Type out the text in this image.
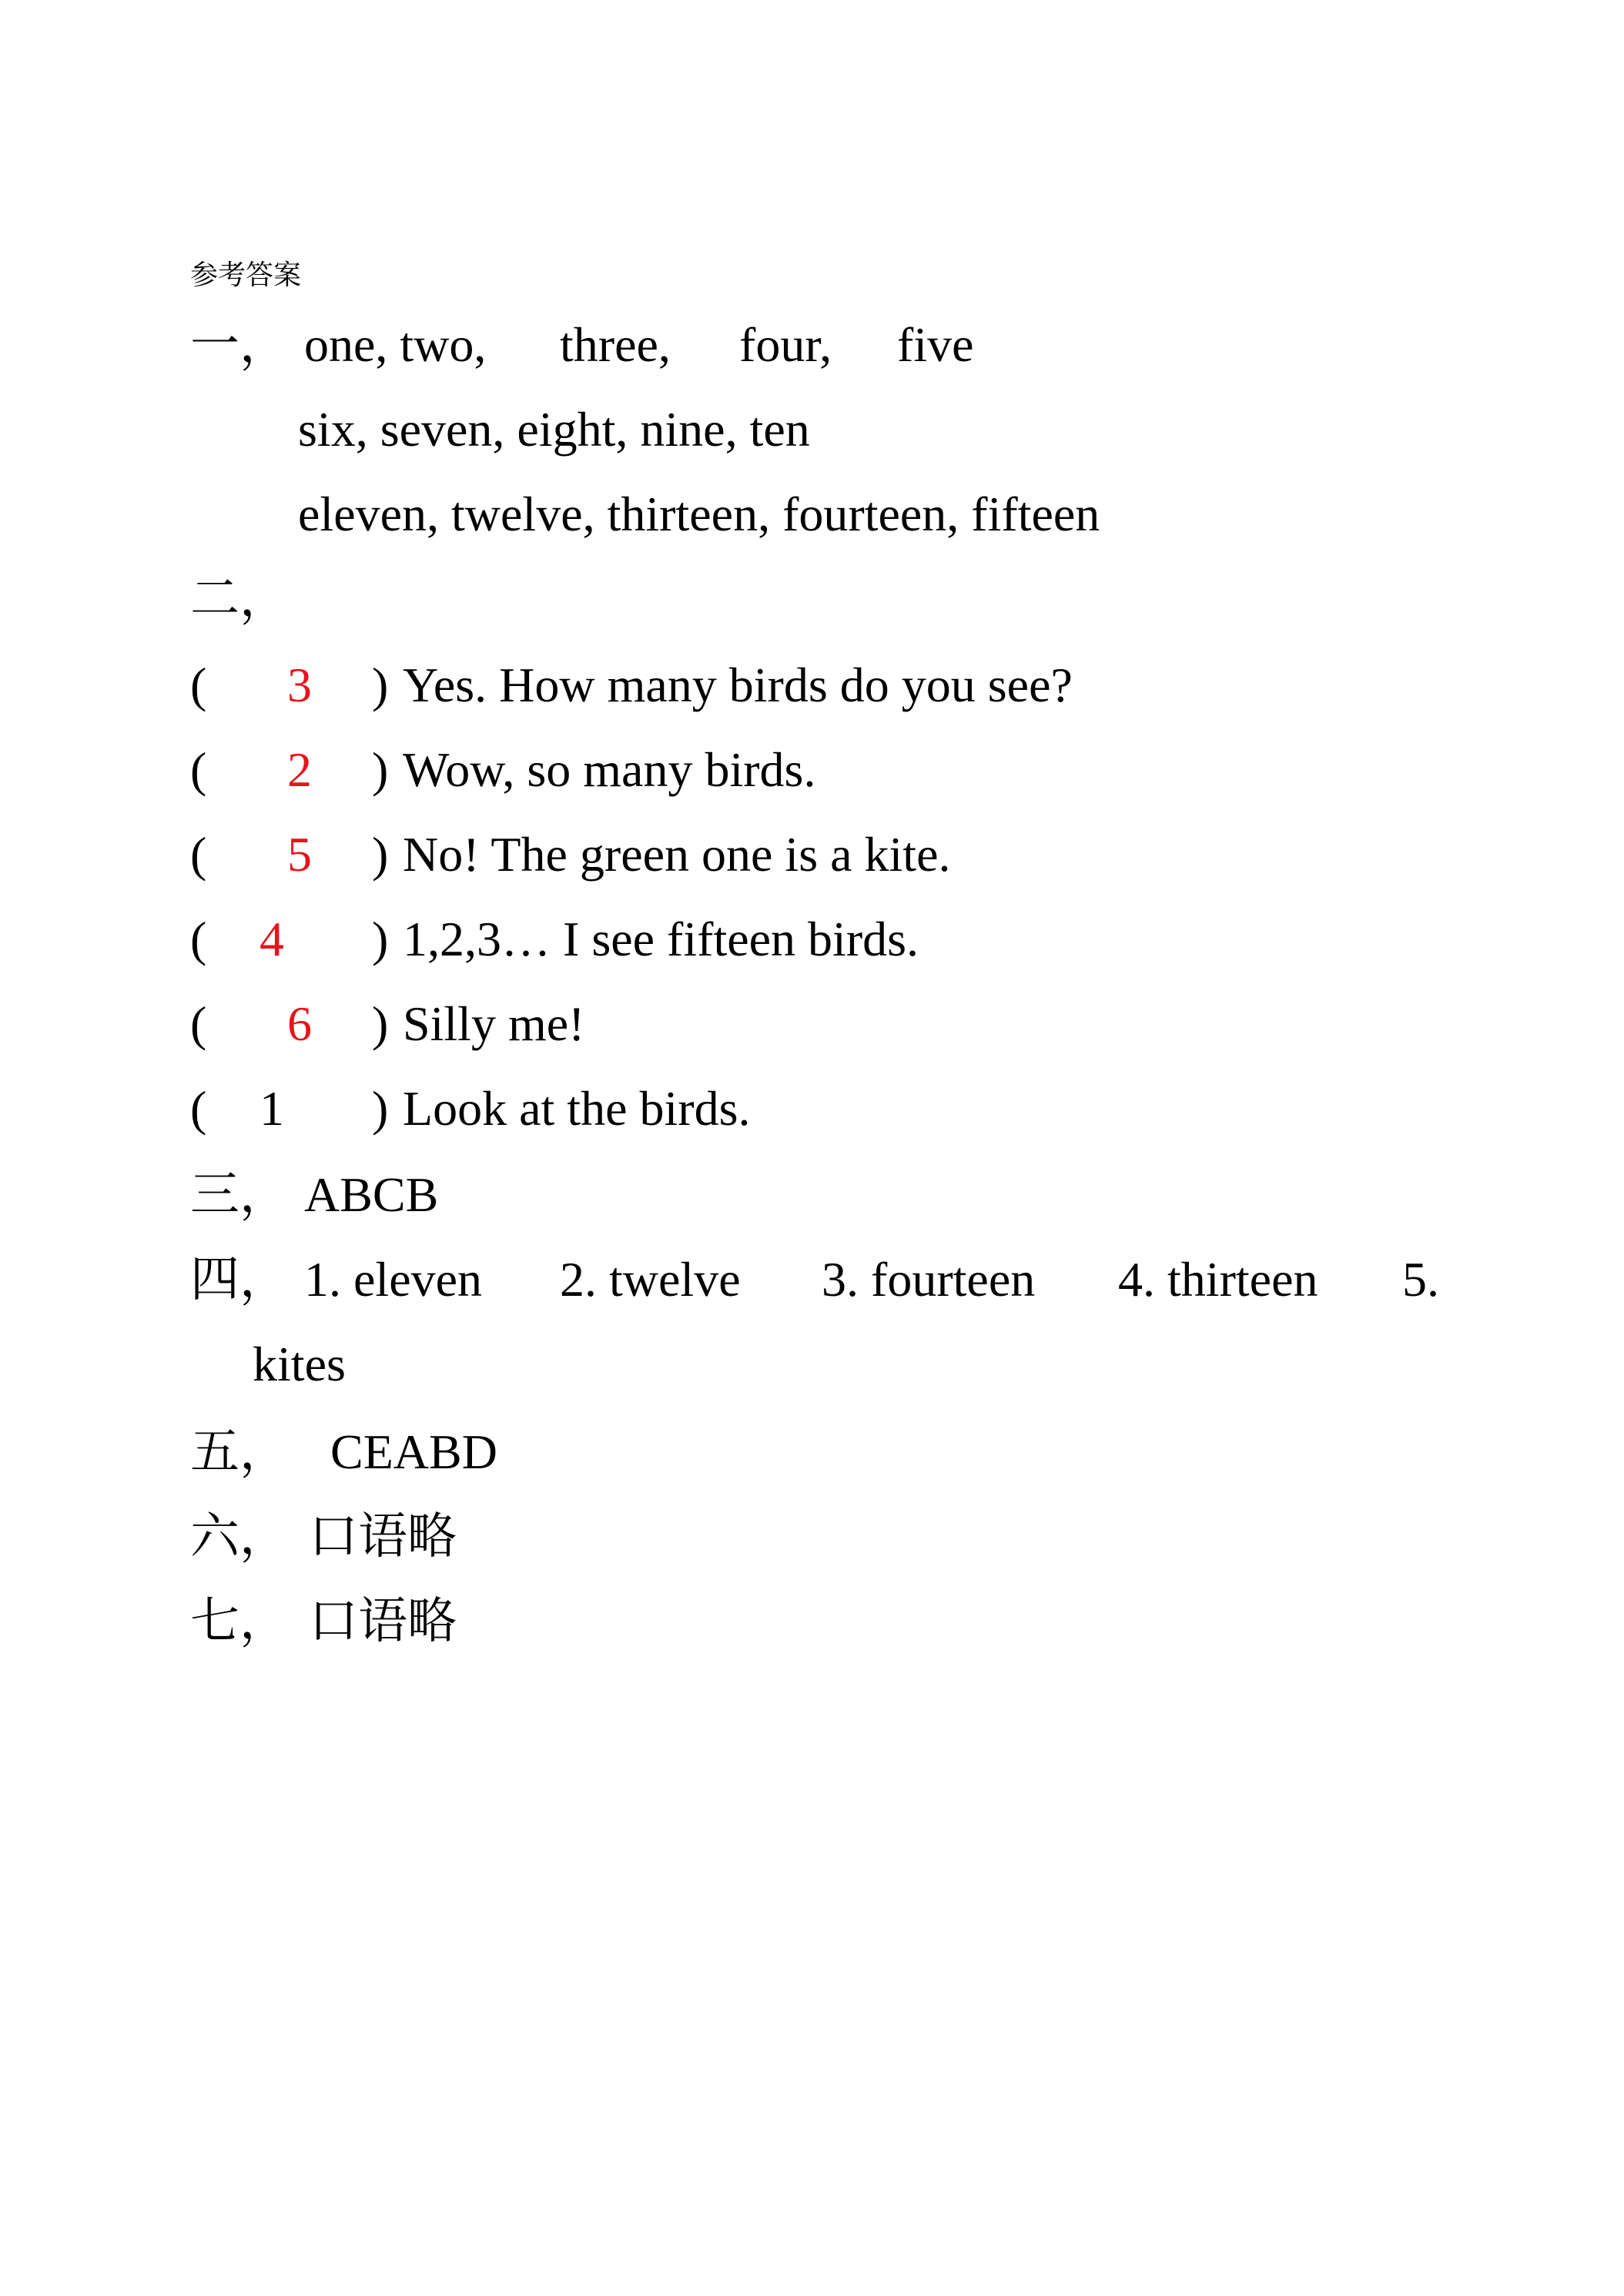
参考答案
一， one, two, three, four, five
six, seven, eight, nine, ten
eleven, twelve, thirteen, fourteen, fifteen
二，
( 3 ) Yes. How many birds do you see?
( 2 ) Wow, so many birds.
( 5 ) No! The green one is a kite.
( 4 ) 1,2,3… I see fifteen birds.
( 6 ) Silly me!
( 1 ) Look at the birds.
三， ABCB
四， 1. eleven 2. twelve 3. fourteen 4. thirteen 5.
kites
五， CEABD
六， 口语略
七， 口语略
